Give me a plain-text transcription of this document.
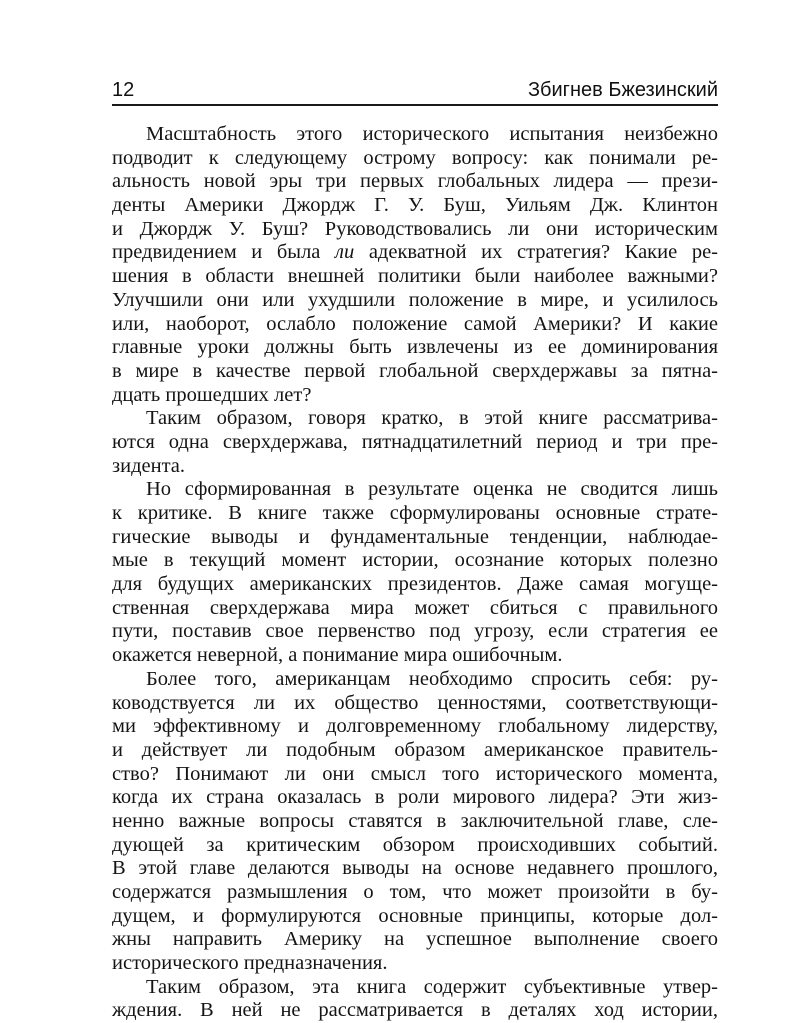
12	Збигнев Бжезинский
Масштабность этого исторического испытания неизбежно
подводит к следующему острому вопросу: как понимали ре-
альность новой эры три первых глобальных лидера — прези-
денты Америки Джордж Г. У. Буш, Уильям Дж. Клинтон
и Джордж У. Буш? Руководствовались ли они историческим
предвидением и была ли адекватной их стратегия? Какие ре-
шения в области внешней политики были наиболее важными?
Улучшили они или ухудшили положение в мире, и усилилось
или, наоборот, ослабло положение самой Америки? И какие
главные уроки должны быть извлечены из ее доминирования
в мире в качестве первой глобальной сверхдержавы за пятна-
дцать прошедших лет?
Таким образом, говоря кратко, в этой книге рассматрива-
ются одна сверхдержава, пятнадцатилетний период и три пре-
зидента.
Но сформированная в результате оценка не сводится лишь
к критике. В книге также сформулированы основные страте-
гические выводы и фундаментальные тенденции, наблюдае-
мые в текущий момент истории, осознание которых полезно
для будущих американских президентов. Даже самая могуще-
ственная сверхдержава мира может сбиться с правильного
пути, поставив свое первенство под угрозу, если стратегия ее
окажется неверной, а понимание мира ошибочным.
Более того, американцам необходимо спросить себя: ру-
ководствуется ли их общество ценностями, соответствующи-
ми эффективному и долговременному глобальному лидерству,
и действует ли подобным образом американское правитель-
ство? Понимают ли они смысл того исторического момента,
когда их страна оказалась в роли мирового лидера? Эти жиз-
ненно важные вопросы ставятся в заключительной главе, сле-
дующей за критическим обзором происходивших событий.
В этой главе делаются выводы на основе недавнего прошлого,
содержатся размышления о том, что может произойти в бу-
дущем, и формулируются основные принципы, которые дол-
жны направить Америку на успешное выполнение своего
исторического предназначения.
Таким образом, эта книга содержит субъективные утвер-
ждения. В ней не рассматривается в деталях ход истории,
